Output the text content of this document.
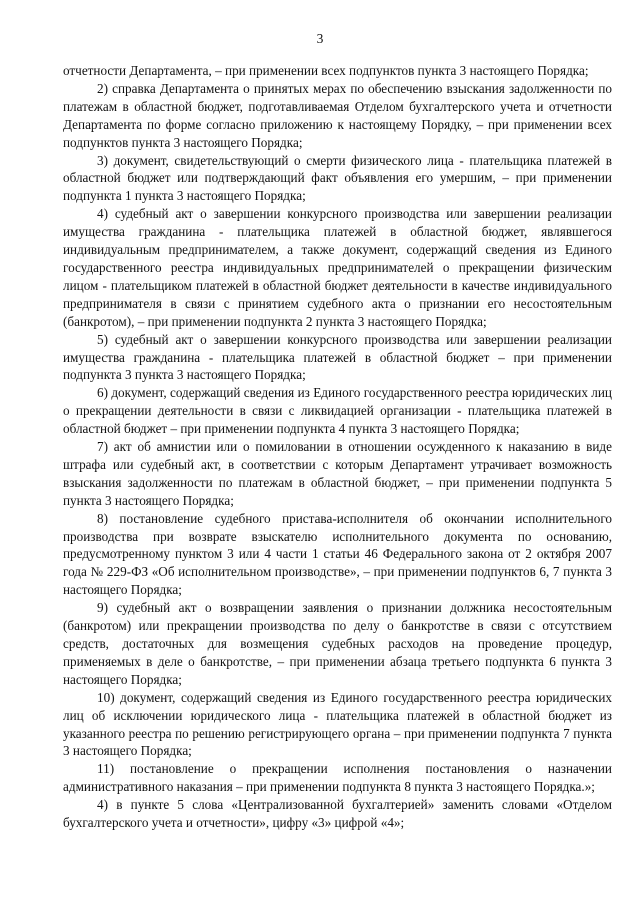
3

отчетности Департамента, – при применении всех подпунктов пункта 3 настоящего Порядка;

2) справка Департамента о принятых мерах по обеспечению взыскания задолженности по платежам в областной бюджет, подготавливаемая Отделом бухгалтерского учета и отчетности Департамента по форме согласно приложению к настоящему Порядку, – при применении всех подпунктов пункта 3 настоящего Порядка;

3) документ, свидетельствующий о смерти физического лица - плательщика платежей в областной бюджет или подтверждающий факт объявления его умершим, – при применении подпункта 1 пункта 3 настоящего Порядка;

4) судебный акт о завершении конкурсного производства или завершении реализации имущества гражданина - плательщика платежей в областной бюджет, являвшегося индивидуальным предпринимателем, а также документ, содержащий сведения из Единого государственного реестра индивидуальных предпринимателей о прекращении физическим лицом - плательщиком платежей в областной бюджет деятельности в качестве индивидуального предпринимателя в связи с принятием судебного акта о признании его несостоятельным (банкротом), – при применении подпункта 2 пункта 3 настоящего Порядка;

5) судебный акт о завершении конкурсного производства или завершении реализации имущества гражданина - плательщика платежей в областной бюджет – при применении подпункта 3 пункта 3 настоящего Порядка;

6) документ, содержащий сведения из Единого государственного реестра юридических лиц о прекращении деятельности в связи с ликвидацией организации - плательщика платежей в областной бюджет – при применении подпункта 4 пункта 3 настоящего Порядка;

7) акт об амнистии или о помиловании в отношении осужденного к наказанию в виде штрафа или судебный акт, в соответствии с которым Департамент утрачивает возможность взыскания задолженности по платежам в областной бюджет, – при применении подпункта 5 пункта 3 настоящего Порядка;

8) постановление судебного пристава-исполнителя об окончании исполнительного производства при возврате взыскателю исполнительного документа по основанию, предусмотренному пунктом 3 или 4 части 1 статьи 46 Федерального закона от 2 октября 2007 года № 229-ФЗ «Об исполнительном производстве», – при применении подпунктов 6, 7 пункта 3 настоящего Порядка;

9) судебный акт о возвращении заявления о признании должника несостоятельным (банкротом) или прекращении производства по делу о банкротстве в связи с отсутствием средств, достаточных для возмещения судебных расходов на проведение процедур, применяемых в деле о банкротстве, – при применении абзаца третьего подпункта 6 пункта 3 настоящего Порядка;

10) документ, содержащий сведения из Единого государственного реестра юридических лиц об исключении юридического лица - плательщика платежей в областной бюджет из указанного реестра по решению регистрирующего органа – при применении подпункта 7 пункта 3 настоящего Порядка;

11) постановление о прекращении исполнения постановления о назначении административного наказания – при применении подпункта 8 пункта 3 настоящего Порядка.»;

4) в пункте 5 слова «Централизованной бухгалтерией» заменить словами «Отделом бухгалтерского учета и отчетности», цифру «3» цифрой «4»;
